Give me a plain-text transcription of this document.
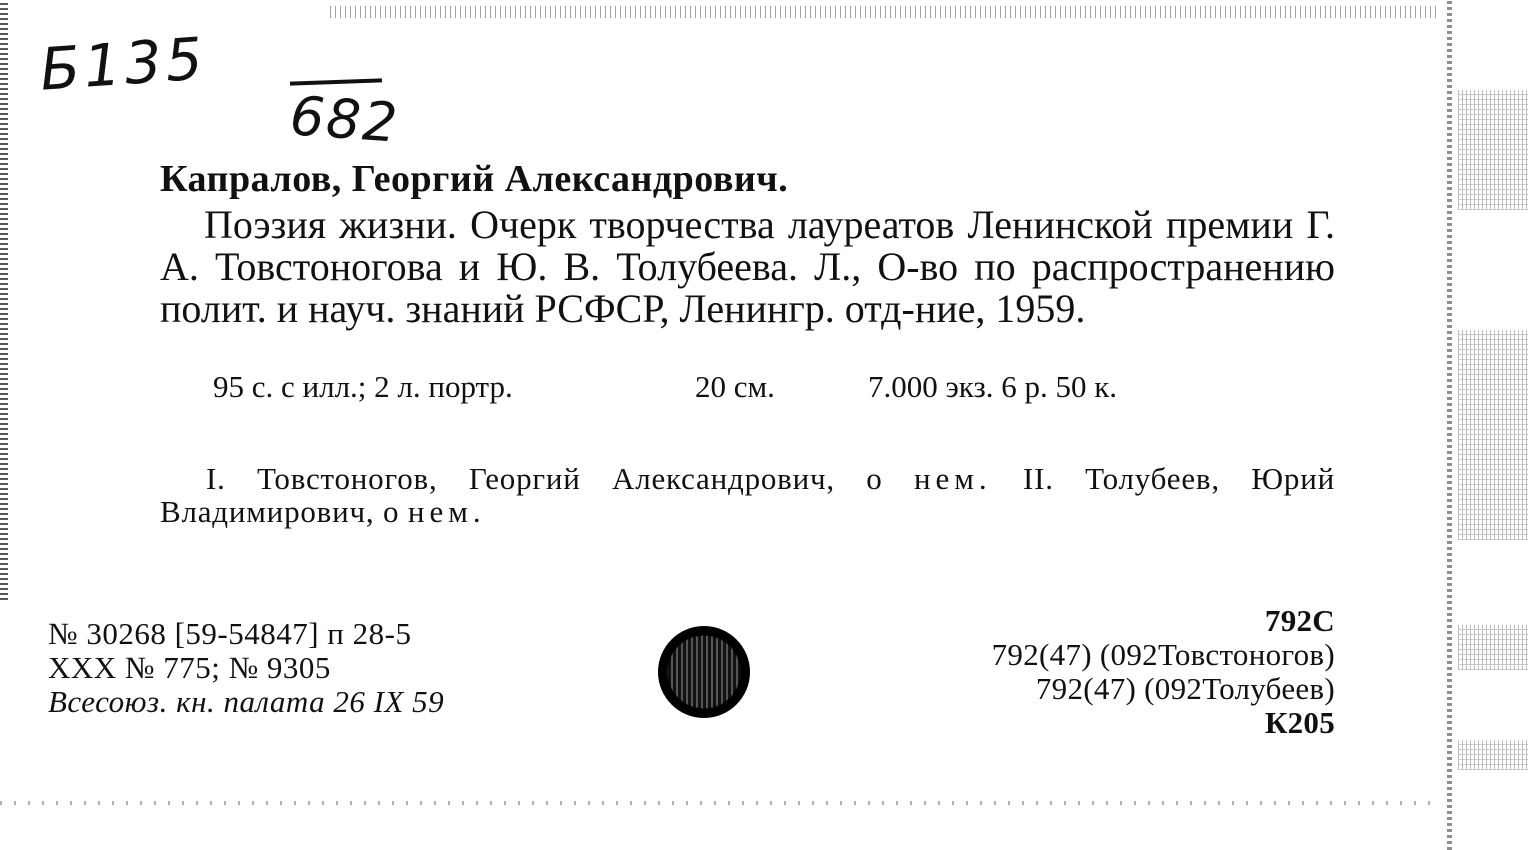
Б135
682
Капралов, Георгий Александрович.
Поэзия жизни. Очерк творчества лауреатов Ленинской премии Г. А. Товстоногова и Ю. В. Толубеева. Л., О-во по распространению полит. и науч. знаний РСФСР, Ленингр. отд-ние, 1959.
95 с. с илл.; 2 л. портр.	20 см.	7.000 экз. 6 р. 50 к.
I. Товстоногов, Георгий Александрович, о нем. II. Толубеев, Юрий Владимирович, о нем.
№ 30268 [59-54847] п 28-5
XXX № 775; № 9305
Всесоюз. кн. палата 26 IX 59
792С
792(47) (092Товстоногов)
792(47) (092Толубеев)
К205
